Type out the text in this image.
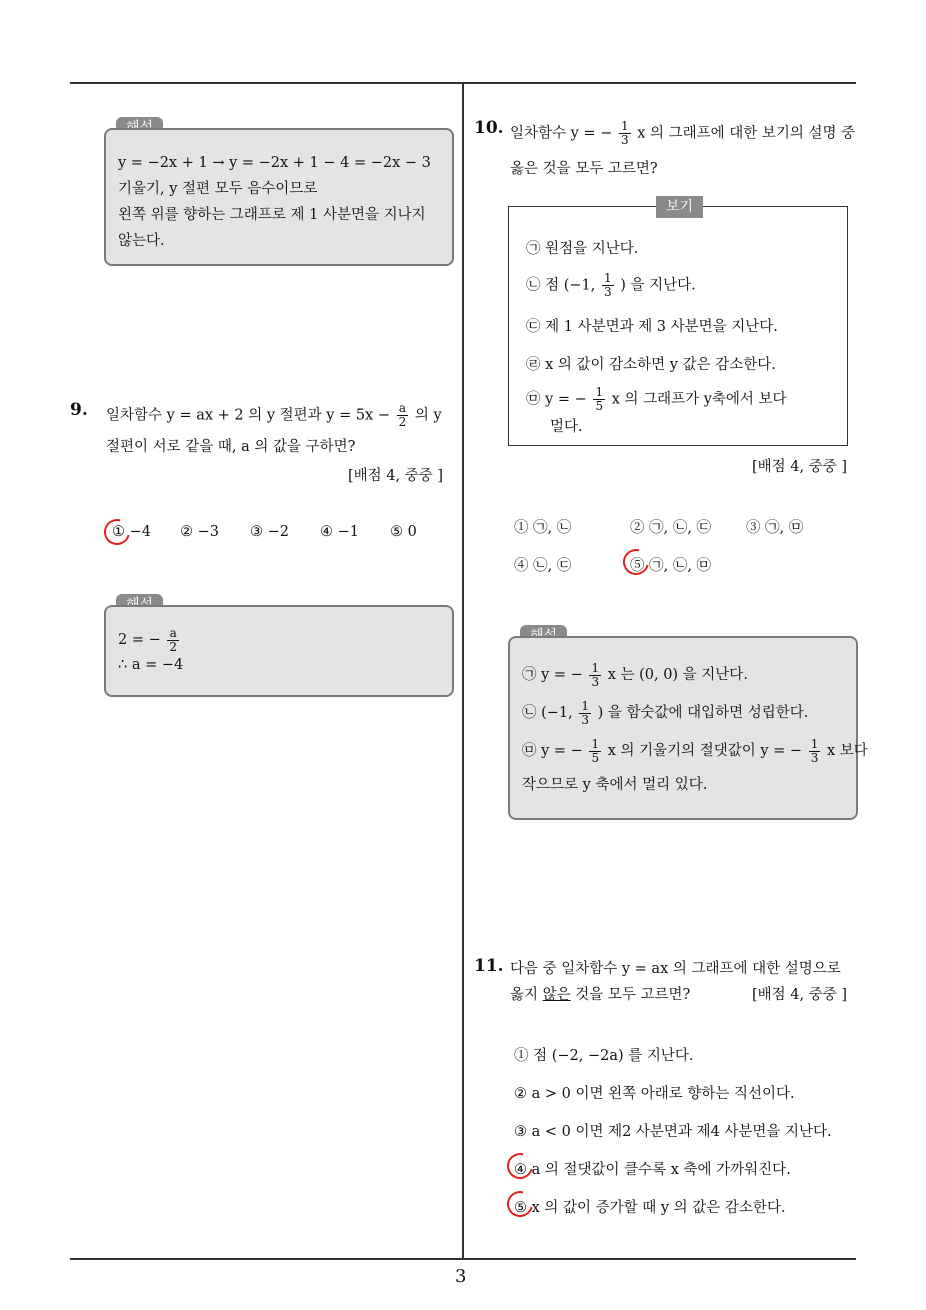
3
y = −2x + 1 → y = −2x + 1 − 4 = −2x − 3
기울기, y 절편 모두 음수이므로
왼쪽 위를 향하는 그래프로 제 1 사분면을 지나지
않는다.
9. 일차함수 y = ax + 2 의 y 절편과 $y = 5x - \frac{a}{2}$ 의 y
절편이 서로 같을 때, a 의 값을 구하면?
[배점 4, 중중 ]
① −4 ② −3 ③ −2 ④ −1 ⑤ 0
2 = − $\frac{a}{2}$
∴ a = −4
10. 일차함수 y = − $\frac{1}{3}$ x 의 그래프에 대한 보기의 설명 중
옳은 것을 모두 고르면?
보기
㉠ 원점을 지난다.
㉡ 점 (−1, $\frac{1}{3}$ ) 을 지난다.
㉢ 제 1 사분면과 제 3 사분면을 지난다.
㉣ x 의 값이 감소하면 y 값은 감소한다.
㉤ y = − $\frac{1}{5}$ x 의 그래프가 y축에서 보다
멀다.
[배점 4, 중중 ]
① ㉠, ㉡	② ㉠, ㉡, ㉢ ③ ㉠, ㉤
④ ㉡, ㉢	⑤ ㉠, ㉡, ㉤
㉠ y = − $\frac{1}{3}$ x 는 (0, 0) 을 지난다.
㉡ (−1, $\frac{1}{3}$ ) 을 함숫값에 대입하면 성립한다.
㉤ y = − $\frac{1}{5}$ x 의 기울기의 절댓값이 y = − $\frac{1}{3}$ x 보다
작으므로 y 축에서 멀리 있다.
11. 다음 중 일차함수 y = ax 의 그래프에 대한 설명으로
옳지 않은 것을 모두 고르면?	[배점 4, 중중 ]
① 점 (−2, −2a) 를 지난다.
② a > 0 이면 왼쪽 아래로 향하는 직선이다.
③ a < 0 이면 제2 사분면과 제4 사분면을 지난다.
④ a 의 절댓값이 클수록 x 축에 가까워진다.
⑤ x 의 값이 증가할 때 y 의 값은 감소한다.
